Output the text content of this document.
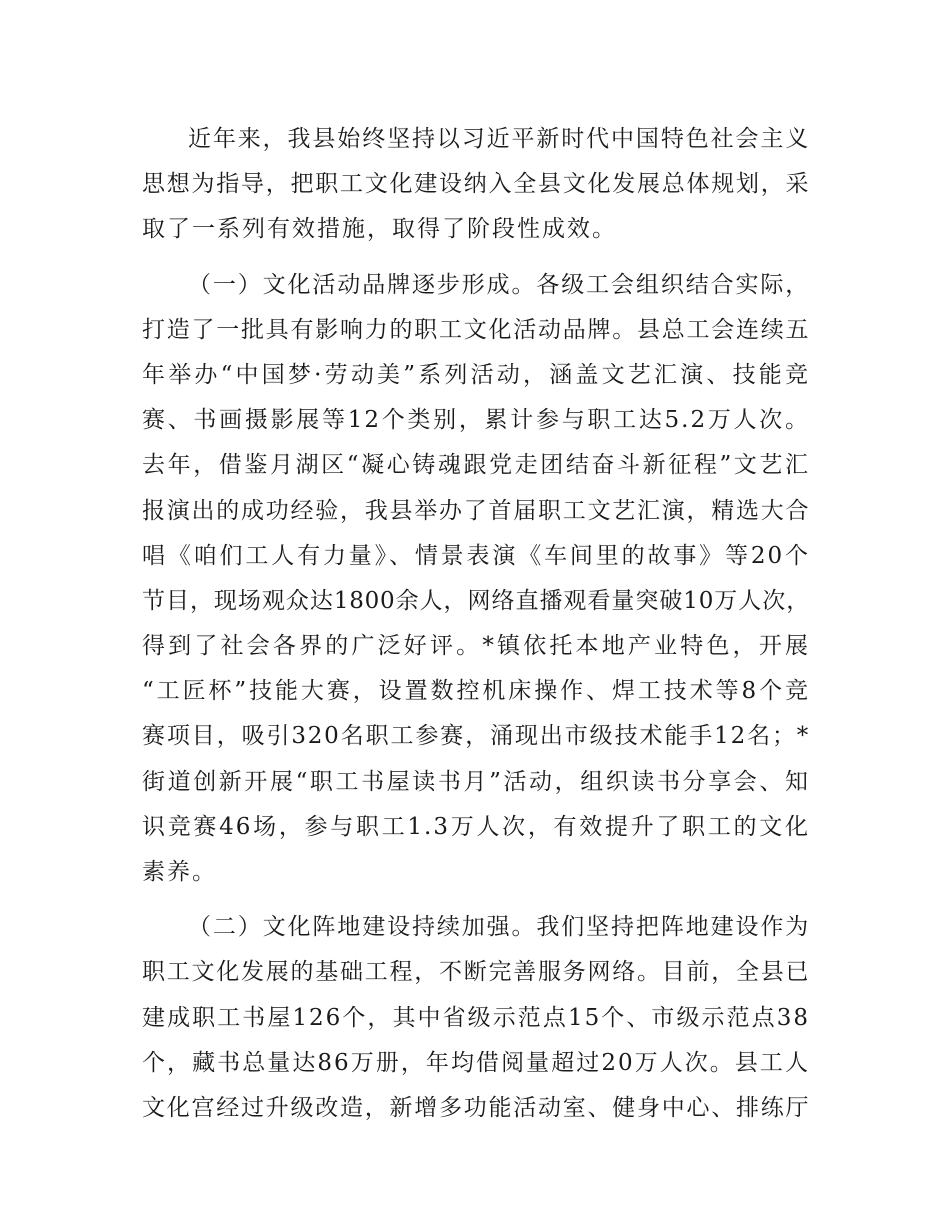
近年来，我县始终坚持以习近平新时代中国特色社会主义
思想为指导，把职工文化建设纳入全县文化发展总体规划，采
取了一系列有效措施，取得了阶段性成效。
（一）文化活动品牌逐步形成。各级工会组织结合实际，
打造了一批具有影响力的职工文化活动品牌。县总工会连续五
年举办“中国梦·劳动美”系列活动，涵盖文艺汇演、技能竞
赛、书画摄影展等12个类别，累计参与职工达5.2万人次。
去年，借鉴月湖区“凝心铸魂跟党走团结奋斗新征程”文艺汇
报演出的成功经验，我县举办了首届职工文艺汇演，精选大合
唱《咱们工人有力量》、情景表演《车间里的故事》等20个
节目，现场观众达1800余人，网络直播观看量突破10万人次，
得到了社会各界的广泛好评。*镇依托本地产业特色，开展
“工匠杯”技能大赛，设置数控机床操作、焊工技术等8个竞
赛项目，吸引320名职工参赛，涌现出市级技术能手12名；*
街道创新开展“职工书屋读书月”活动，组织读书分享会、知
识竞赛46场，参与职工1.3万人次，有效提升了职工的文化
素养。
（二）文化阵地建设持续加强。我们坚持把阵地建设作为
职工文化发展的基础工程，不断完善服务网络。目前，全县已
建成职工书屋126个，其中省级示范点15个、市级示范点38
个，藏书总量达86万册，年均借阅量超过20万人次。县工人
文化宫经过升级改造，新增多功能活动室、健身中心、排练厅
